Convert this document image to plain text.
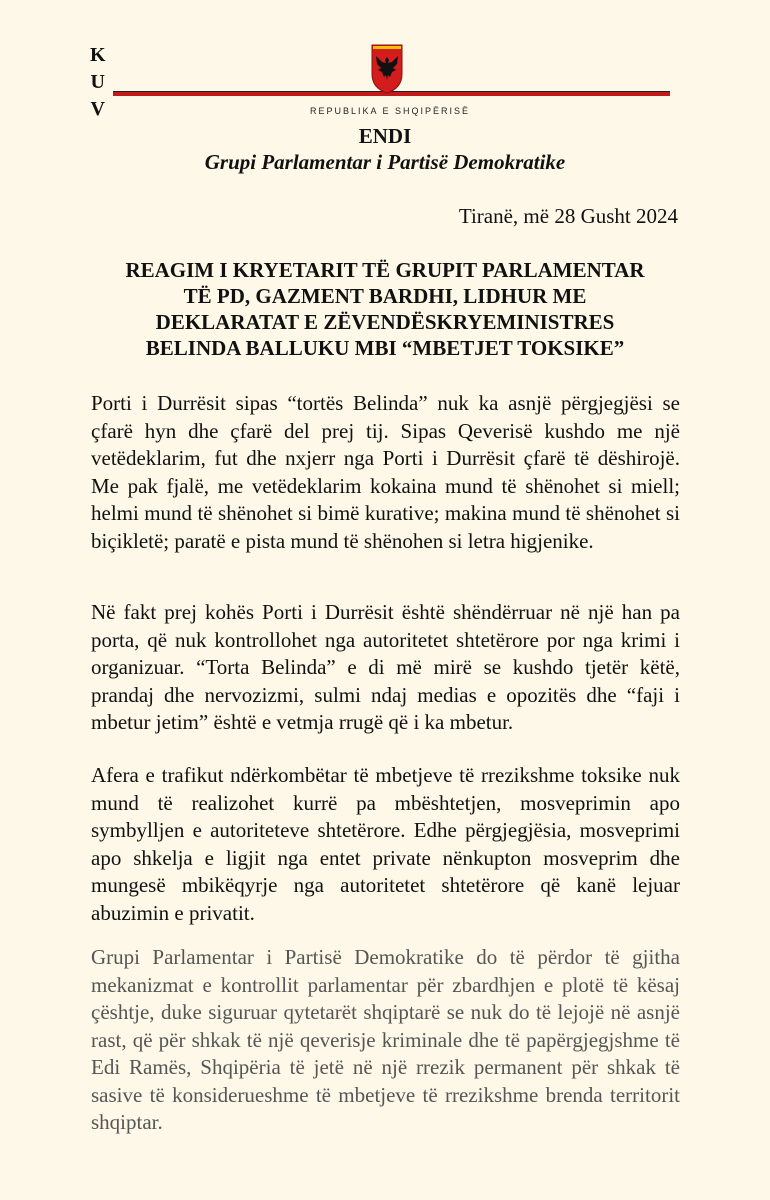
K
U
V	REPUBLIKA E SHQIPËRISË
ENDI
Grupi Parlamentar i Partisë Demokratike
Tiranë, më 28 Gusht 2024
REAGIM I KRYETARIT TË GRUPIT PARLAMENTAR
TË PD, GAZMENT BARDHI, LIDHUR ME
DEKLARATAT E ZËVENDËSKRYEMINISTRES
BELINDA BALLUKU MBI “MBETJET TOKSIKE”

Porti i Durrësit sipas “tortës Belinda” nuk ka asnjë përgjegjësi se çfarë hyn dhe çfarë del prej tij. Sipas Qeverisë kushdo me një vetëdeklarim, fut dhe nxjerr nga Porti i Durrësit çfarë të dëshirojë. Me pak fjalë, me vetëdeklarim kokaina mund të shënohet si miell; helmi mund të shënohet si bimë kurative; makina mund të shënohet si biçikletë; paratë e pista mund të shënohen si letra higjenike.

Në fakt prej kohës Porti i Durrësit është shëndërruar në një han pa porta, që nuk kontrollohet nga autoritetet shtetërore por nga krimi i organizuar. “Torta Belinda” e di më mirë se kushdo tjetër këtë, prandaj dhe nervozizmi, sulmi ndaj medias e opozitës dhe “faji i mbetur jetim” është e vetmja rrugë që i ka mbetur.

Afera e trafikut ndërkombëtar të mbetjeve të rrezikshme toksike nuk mund të realizohet kurrë pa mbështetjen, mosveprimin apo symbylljen e autoriteteve shtetërore. Edhe përgjegjësia, mosveprimi apo shkelja e ligjit nga entet private nënkupton mosveprim dhe mungesë mbikëqyrje nga autoritetet shtetërore që kanë lejuar abuzimin e privatit.

Grupi Parlamentar i Partisë Demokratike do të përdor të gjitha mekanizmat e kontrollit parlamentar për zbardhjen e plotë të kësaj çështje, duke siguruar qytetarët shqiptarë se nuk do të lejojë në asnjë rast, që për shkak të një qeverisje kriminale dhe të papërgjegjshme të Edi Ramës, Shqipëria të jetë në një rrezik permanent për shkak të sasive të konsiderueshme të mbetjeve të rrezikshme brenda territorit shqiptar.
